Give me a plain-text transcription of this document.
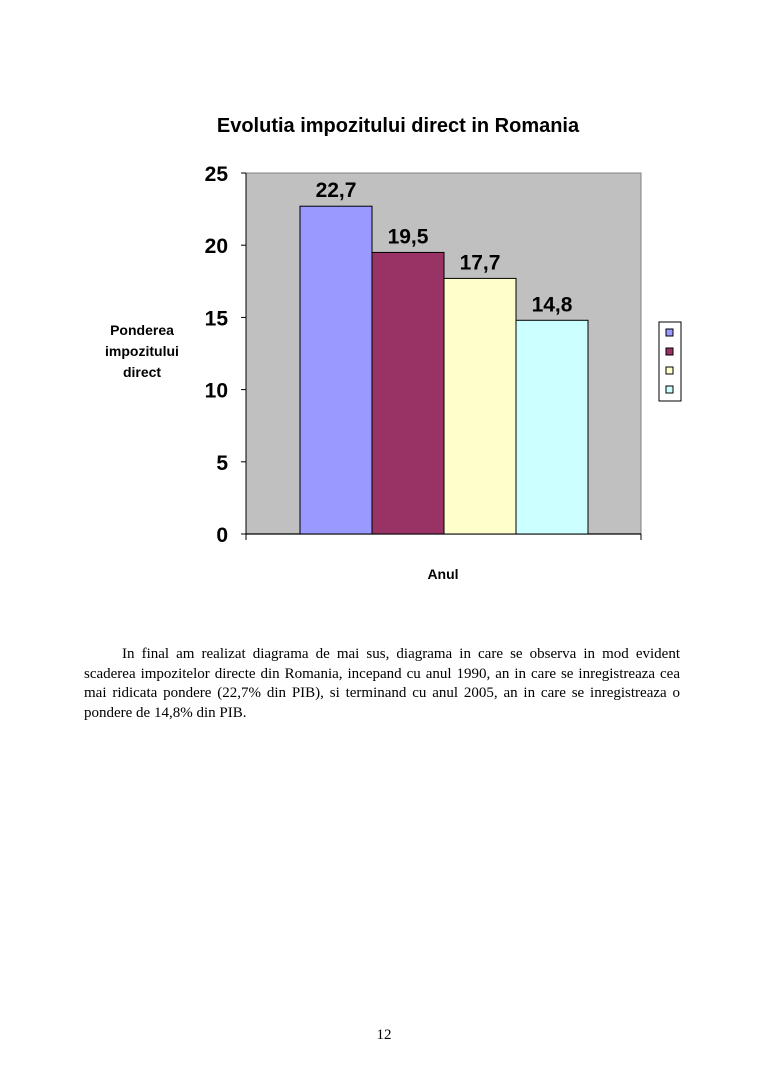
Evolutia impozitului direct in Romania
0
5
10
15
20
25
22,7
19,5
17,7
14,8
Ponderea impozitului direct
Anul

In final am realizat diagrama de mai sus, diagrama in care se observa in mod evident scaderea impozitelor directe din Romania, incepand cu anul 1990, an in care se inregistreaza cea mai ridicata pondere (22,7% din PIB), si terminand cu anul 2005, an in care se inregistreaza o pondere de 14,8% din PIB.

12
